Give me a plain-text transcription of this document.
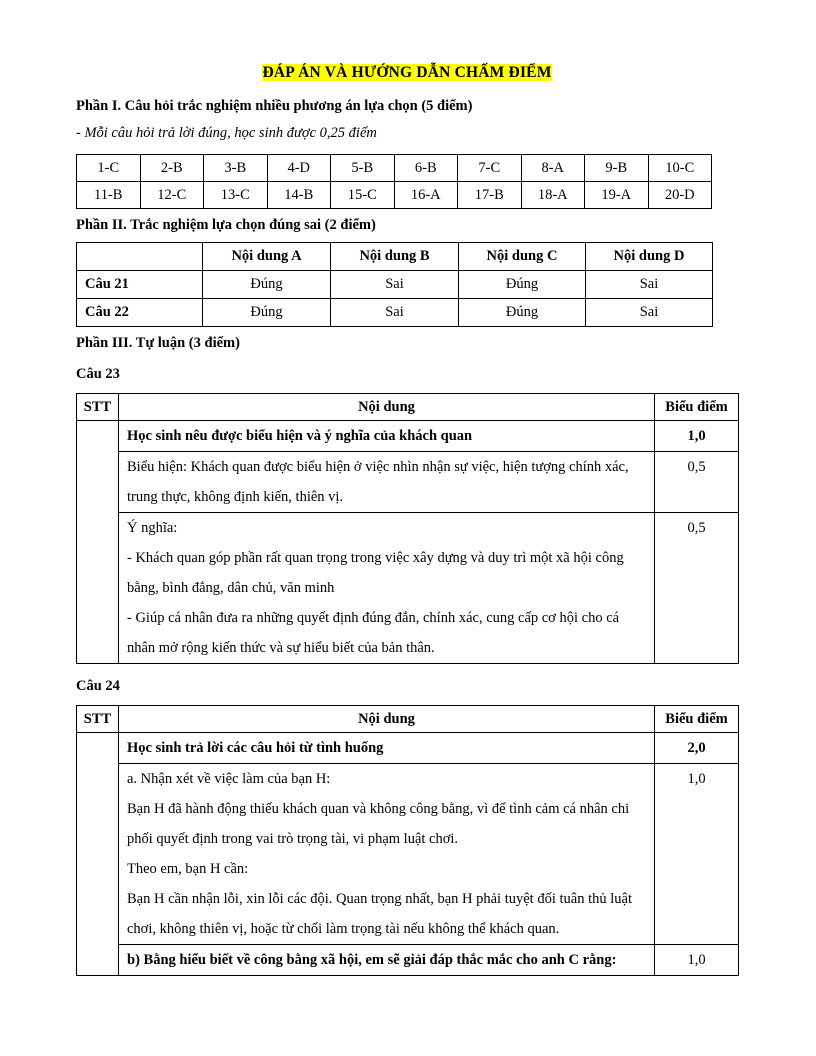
ĐÁP ÁN VÀ HƯỚNG DẪN CHẤM ĐIỂM
Phần I. Câu hỏi trắc nghiệm nhiều phương án lựa chọn (5 điểm)
- Mỗi câu hỏi trả lời đúng, học sinh được 0,25 điểm
1-C	2-B	3-B	4-D	5-B	6-B	7-C	8-A	9-B	10-C
11-B	12-C	13-C	14-B	15-C	16-A	17-B	18-A	19-A	20-D
Phần II. Trắc nghiệm lựa chọn đúng sai (2 điểm)
	Nội dung A	Nội dung B	Nội dung C	Nội dung D
Câu 21	Đúng	Sai	Đúng	Sai
Câu 22	Đúng	Sai	Đúng	Sai
Phần III. Tự luận (3 điểm)
Câu 23
STT	Nội dung	Biểu điểm

	Học sinh nêu được biểu hiện và ý nghĩa của khách quan	1,0

	Biểu hiện: Khách quan được biểu hiện ở việc nhìn nhận sự việc, hiện tượng chính xác, trung thực, không định kiến, thiên vị.	0,5

	Ý nghĩa:
- Khách quan góp phần rất quan trọng trong việc xây dựng và duy trì một xã hội công bằng, bình đẳng, dân chủ, văn minh
- Giúp cá nhân đưa ra những quyết định đúng đắn, chính xác, cung cấp cơ hội cho cá nhân mở rộng kiến thức và sự hiểu biết của bản thân.	0,5
Câu 24
STT	Nội dung	Biểu điểm

	Học sinh trả lời các câu hỏi từ tình huống	2,0

	a. Nhận xét về việc làm của bạn H:
Bạn H đã hành động thiếu khách quan và không công bằng, vì để tình cảm cá nhân chi phối quyết định trong vai trò trọng tài, vi phạm luật chơi.
Theo em, bạn H cần:
Bạn H cần nhận lỗi, xin lỗi các đội. Quan trọng nhất, bạn H phải tuyệt đối tuân thủ luật chơi, không thiên vị, hoặc từ chối làm trọng tài nếu không thể khách quan.	1,0

	b) Bằng hiểu biết về công bằng xã hội, em sẽ giải đáp thắc mắc cho anh C rằng:	1,0
